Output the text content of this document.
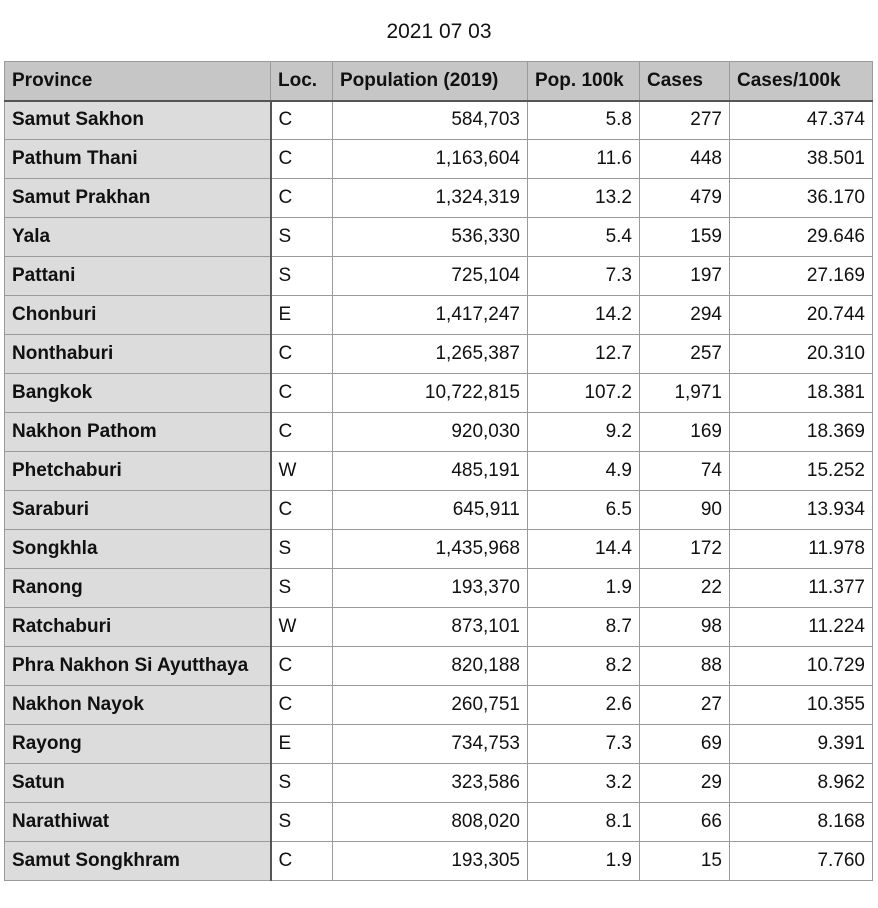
2021 07 03
Province	Loc.	Population (2019)	Pop. 100k	Cases	Cases/100k
Samut Sakhon	C	584,703	5.8	277	47.374
Pathum Thani	C	1,163,604	11.6	448	38.501
Samut Prakhan	C	1,324,319	13.2	479	36.170
Yala	S	536,330	5.4	159	29.646
Pattani	S	725,104	7.3	197	27.169
Chonburi	E	1,417,247	14.2	294	20.744
Nonthaburi	C	1,265,387	12.7	257	20.310
Bangkok	C	10,722,815	107.2	1,971	18.381
Nakhon Pathom	C	920,030	9.2	169	18.369
Phetchaburi	W	485,191	4.9	74	15.252
Saraburi	C	645,911	6.5	90	13.934
Songkhla	S	1,435,968	14.4	172	11.978
Ranong	S	193,370	1.9	22	11.377
Ratchaburi	W	873,101	8.7	98	11.224
Phra Nakhon Si Ayutthaya	C	820,188	8.2	88	10.729
Nakhon Nayok	C	260,751	2.6	27	10.355
Rayong	E	734,753	7.3	69	9.391
Satun	S	323,586	3.2	29	8.962
Narathiwat	S	808,020	8.1	66	8.168
Samut Songkhram	C	193,305	1.9	15	7.760
